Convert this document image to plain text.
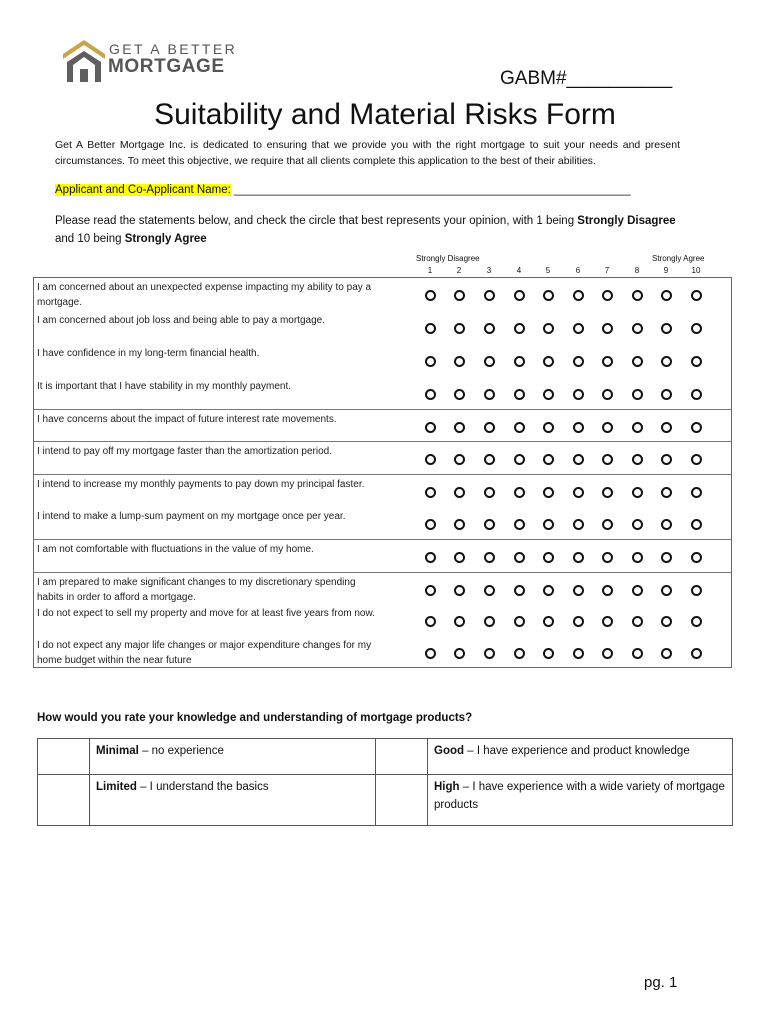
GET A BETTER
MORTGAGE
GABM#__________
Suitability and Material Risks Form
Get A Better Mortgage Inc. is dedicated to ensuring that we provide you with the right mortgage to suit your needs and present circumstances. To meet this objective, we require that all clients complete this application to the best of their abilities.
Applicant and Co-Applicant Name: ______________________________________________________________
Please read the statements below, and check the circle that best represents your opinion, with 1 being Strongly Disagree and 10 being Strongly Agree
Strongly Disagree	Strongly Agree
1	2	3	4	5	6	7	8	9	10
I am concerned about an unexpected expense impacting my ability to pay a mortgage.
I am concerned about job loss and being able to pay a mortgage.
I have confidence in my long-term financial health.
It is important that I have stability in my monthly payment.
I have concerns about the impact of future interest rate movements.
I intend to pay off my mortgage faster than the amortization period.
I intend to increase my monthly payments to pay down my principal faster.
I intend to make a lump-sum payment on my mortgage once per year.
I am not comfortable with fluctuations in the value of my home.
I am prepared to make significant changes to my discretionary spending habits in order to afford a mortgage.
I do not expect to sell my property and move for at least five years from now.
I do not expect any major life changes or major expenditure changes for my home budget within the near future
How would you rate your knowledge and understanding of mortgage products?
	Minimal – no experience		Good – I have experience and product knowledge
	Limited – I understand the basics		High – I have experience with a wide variety of mortgage products
pg. 1
